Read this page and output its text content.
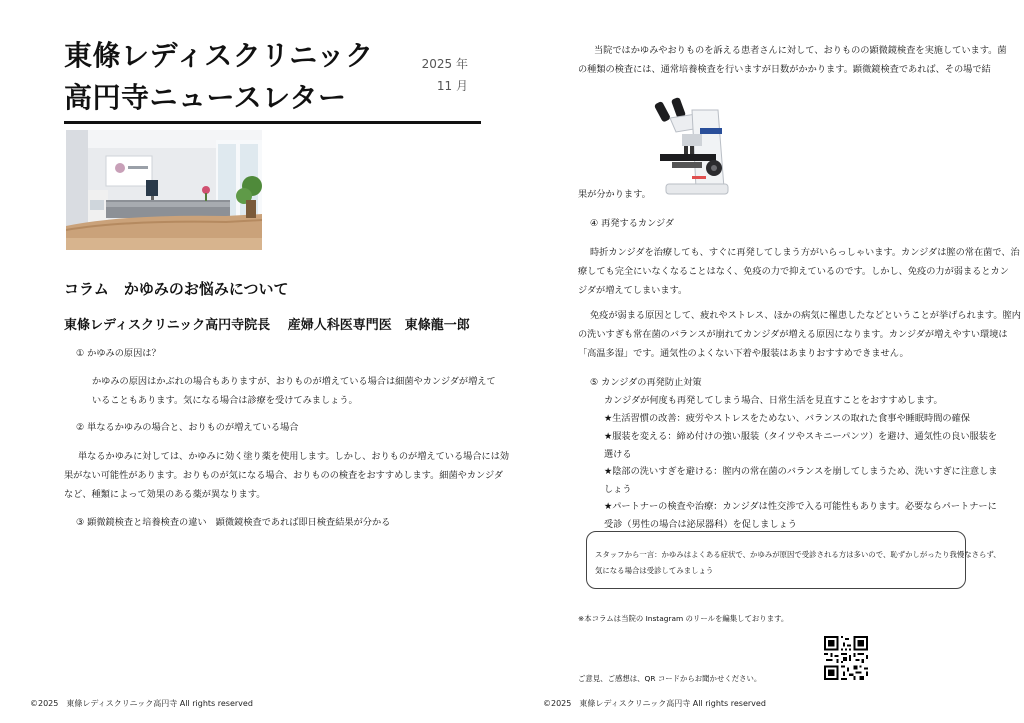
東條レディスクリニック
高円寺ニュースレター
2025 年
11 月
コラム　かゆみのお悩みについて
東條レディスクリニック高円寺院長　 産婦人科医専門医　東條龍一郎
① かゆみの原因は？
かゆみの原因はかぶれの場合もありますが、おりものが増えている場合は細菌やカンジダが増えて
いることもあります。気になる場合は診療を受けてみましょう。
② 単なるかゆみの場合と、おりものが増えている場合
単なるかゆみに対しては、かゆみに効く塗り薬を使用します。しかし、おりものが増えている場合には効
果がない可能性があります。おりものが気になる場合、おりものの検査をおすすめします。細菌やカンジダ
など、種類によって効果のある薬が異なります。
③ 顕微鏡検査と培養検査の違い　顕微鏡検査であれば即日検査結果が分かる
©2025　東條レディスクリニック高円寺 All rights reserved
当院ではかゆみやおりものを訴える患者さんに対して、おりものの顕微鏡検査を実施しています。菌
の種類の検査には、通常培養検査を行いますが日数がかかります。顕微鏡検査であれば、その場で結
果が分かります。
④ 再発するカンジダ
時折カンジダを治療しても、すぐに再発してしまう方がいらっしゃいます。カンジダは膣の常在菌で、治
療しても完全にいなくなることはなく、免疫の力で抑えているのです。しかし、免疫の力が弱まるとカン
ジダが増えてしまいます。
免疫が弱まる原因として、疲れやストレス、ほかの病気に罹患したなどということが挙げられます。膣内
の洗いすぎも常在菌のバランスが崩れてカンジダが増える原因になります。カンジダが増えやすい環境は
「高温多湿」です。通気性のよくない下着や服装はあまりおすすめできません。
⑤ カンジダの再発防止対策
カンジダが何度も再発してしまう場合、日常生活を見直すことをおすすめします。
★生活習慣の改善：疲労やストレスをためない、バランスの取れた食事や睡眠時間の確保
★服装を変える：締め付けの強い服装（タイツやスキニーパンツ）を避け、通気性の良い服装を
選ける
★陰部の洗いすぎを避ける：膣内の常在菌のバランスを崩してしまうため、洗いすぎに注意しま
しょう
★パートナーの検査や治療：カンジダは性交渉で入る可能性もあります。必要ならパートナーに
受診（男性の場合は泌尿器科）を促しましょう
スタッフから一言：かゆみはよくある症状で、かゆみが原因で受診される方は多いので、恥ずかしがったり我慢なさらず、
気になる場合は受診してみましょう
※本コラムは当院の Instagram のリールを編集しております。
ご意見、ご感想は、QR コードからお聞かせください。
©2025　東條レディスクリニック高円寺 All rights reserved
